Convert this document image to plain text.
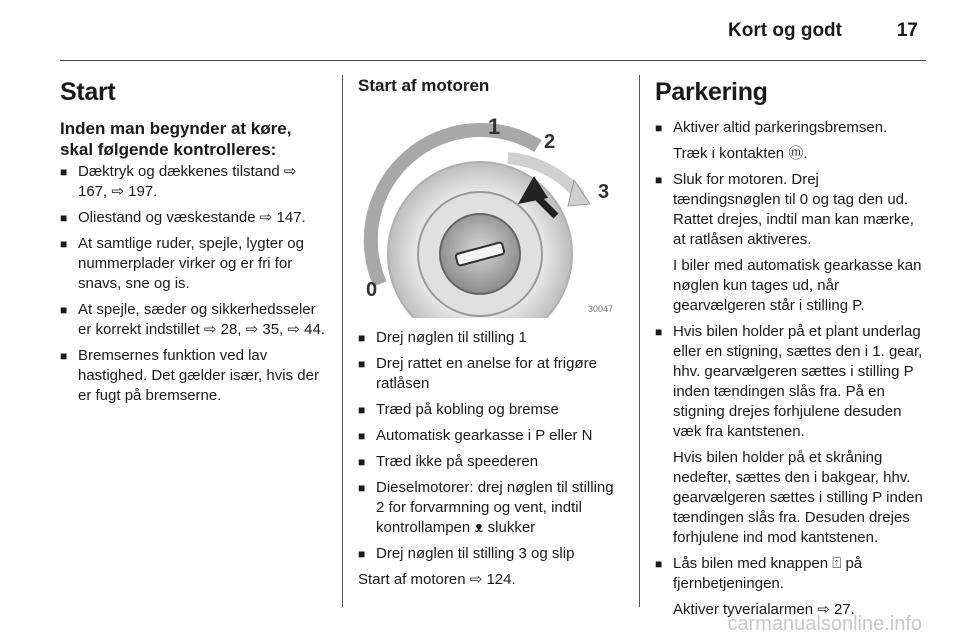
Kort og godt	17
Start
Inden man begynder at køre, skal følgende kontrolleres:
■ Dæktryk og dækkenes tilstand ⇨ 167, ⇨ 197.
■ Oliestand og væskestande ⇨ 147.
■ At samtlige ruder, spejle, lygter og nummerplader virker og er fri for snavs, sne og is.
■ At spejle, sæder og sikkerhedsseler er korrekt indstillet ⇨ 28, ⇨ 35, ⇨ 44.
■ Bremsernes funktion ved lav hastighed. Det gælder især, hvis der er fugt på bremserne.
Start af motoren
1
2
3
0
30047
■ Drej nøglen til stilling 1
■ Drej rattet en anelse for at frigøre ratlåsen
■ Træd på kobling og bremse
■ Automatisk gearkasse i P eller N
■ Træd ikke på speederen
■ Dieselmotorer: drej nøglen til stilling 2 for forvarmning og vent, indtil kontrollampen ᴥ slukker
■ Drej nøglen til stilling 3 og slip

Start af motoren ⇨ 124.

Parkering
■ Aktiver altid parkeringsbremsen.
Træk i kontakten ⓜ.
■ Sluk for motoren. Drej tændingsnøglen til 0 og tag den ud. Rattet drejes, indtil man kan mærke, at ratlåsen aktiveres.
I biler med automatisk gearkasse kan nøglen kun tages ud, når gearvælgeren står i stilling P.
■ Hvis bilen holder på et plant underlag eller en stigning, sættes den i 1. gear, hhv. gearvælgeren sættes i stilling P inden tændingen slås fra. På en stigning drejes forhjulene desuden væk fra kantstenen.
Hvis bilen holder på et skråning nedefter, sættes den i bakgear, hhv. gearvælgeren sættes i stilling P inden tændingen slås fra. Desuden drejes forhjulene ind mod kantstenen.
■ Lås bilen med knappen ⍐ på fjernbetjeningen.
Aktiver tyverialarmen ⇨ 27.
carmanualsonline.info
